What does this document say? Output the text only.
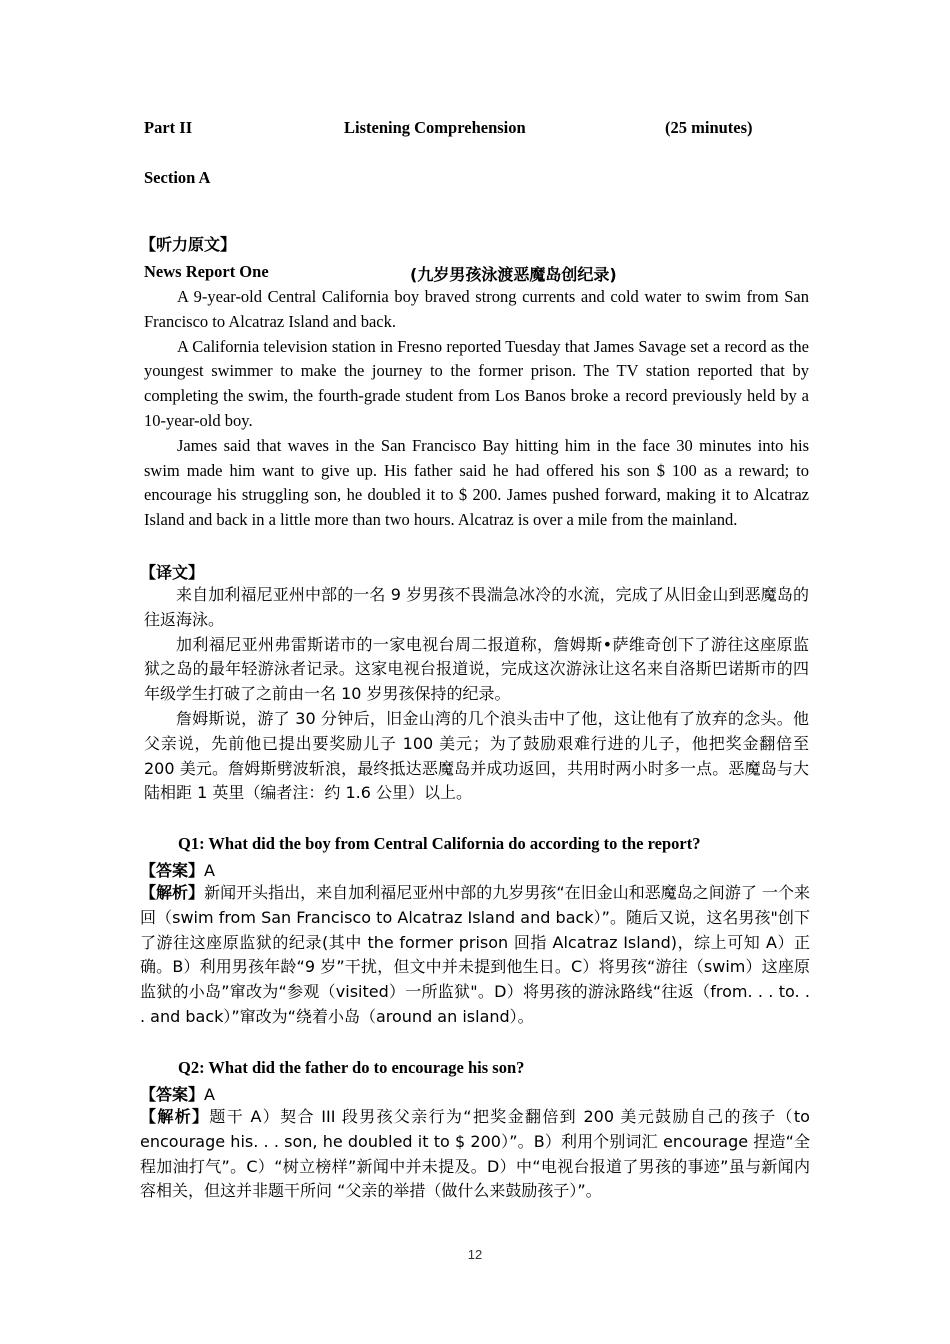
Part II	Listening Comprehension	(25 minutes)
Section A
【听力原文】
News Report One	(九岁男孩泳渡恶魔岛创纪录)

A 9-year-old Central California boy braved strong currents and cold water to swim from San Francisco to Alcatraz Island and back.

A California television station in Fresno reported Tuesday that James Savage set a record as the youngest swimmer to make the journey to the former prison. The TV station reported that by completing the swim, the fourth-grade student from Los Banos broke a record previously held by a 10-year-old boy.

James said that waves in the San Francisco Bay hitting him in the face 30 minutes into his swim made him want to give up. His father said he had offered his son $ 100 as a reward; to encourage his struggling son, he doubled it to $ 200. James pushed forward, making it to Alcatraz Island and back in a little more than two hours. Alcatraz is over a mile from the mainland.

【译文】

来自加利福尼亚州中部的一名 9 岁男孩不畏湍急冰冷的水流，完成了从旧金山到恶魔岛的往返海泳。

加利福尼亚州弗雷斯诺市的一家电视台周二报道称，詹姆斯•萨维奇创下了游往这座原监狱之岛的最年轻游泳者记录。这家电视台报道说，完成这次游泳让这名来自洛斯巴诺斯市的四年级学生打破了之前由一名 10 岁男孩保持的纪录。

詹姆斯说，游了 30 分钟后，旧金山湾的几个浪头击中了他，这让他有了放弃的念头。他父亲说，先前他已提出要奖励儿子 100 美元；为了鼓励艰难行进的儿子，他把奖金翻倍至 200 美元。詹姆斯劈波斩浪，最终抵达恶魔岛并成功返回，共用时两小时多一点。恶魔岛与大陆相距 1 英里（编者注：约 1.6 公里）以上。

Q1: What did the boy from Central California do according to the report?
【答案】A

【解析】新闻开头指出，来自加利福尼亚州中部的九岁男孩“在旧金山和恶魔岛之间游了 一个来回（swim from San Francisco to Alcatraz Island and back）”。随后又说，这名男孩"创下了游往这座原监狱的纪录(其中 the former prison 回指 Alcatraz Island)，综上可知 A）正确。B）利用男孩年龄“9 岁”干扰，但文中并未提到他生日。C）将男孩“游往（swim）这座原监狱的小岛”窜改为“参观（visited）一所监狱"。D）将男孩的游泳路线“往返（from. . . to. . . and back）”窜改为“绕着小岛（around an island）。

Q2: What did the father do to encourage his son?
【答案】A

【解析】题干 A）契合 III 段男孩父亲行为“把奖金翻倍到 200 美元鼓励自己的孩子（to encourage his. . . son, he doubled it to $ 200）”。B）利用个别词汇 encourage 捏造“全程加油打气”。C）“树立榜样”新闻中并未提及。D）中“电视台报道了男孩的事迹”虽与新闻内容相关，但这并非题干所问 “父亲的举措（做什么来鼓励孩子）”。

12
